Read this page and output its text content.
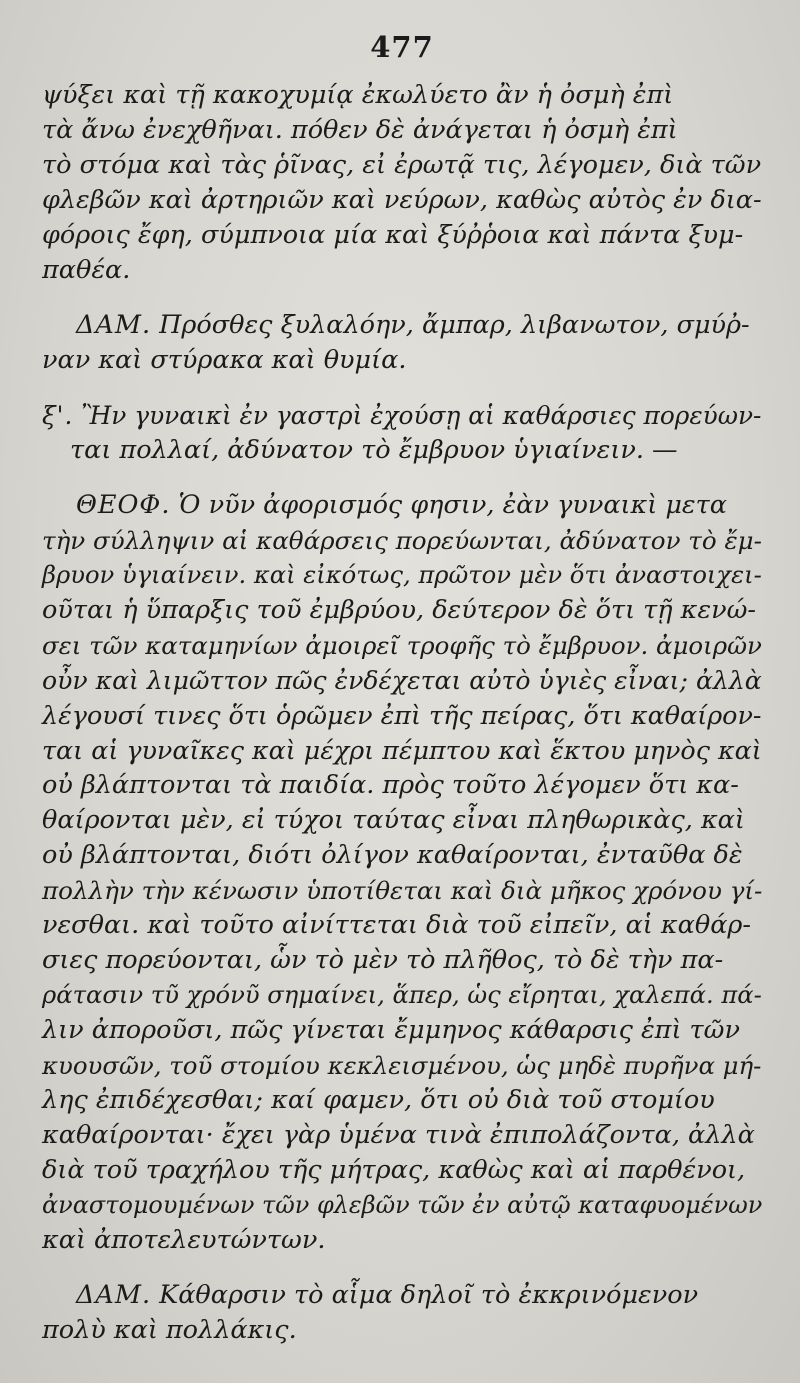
477

ψύξει καὶ τῇ κακοχυμίᾳ ἐκωλύετο ἂν ἡ ὀσμὴ ἐπὶ
τὰ ἄνω ἐνεχθῆναι. πόθεν δὲ ἀνάγεται ἡ ὀσμὴ ἐπὶ
τὸ στόμα καὶ τὰς ῥῖνας, εἰ ἐρωτᾷ τις, λέγομεν, διὰ τῶν
φλεβῶν καὶ ἀρτηριῶν καὶ νεύρων, καθὼς αὐτὸς ἐν δια-
φόροις ἔφη, σύμπνοια μία καὶ ξύῤῥοια καὶ πάντα ξυμ-
παθέα.

ΔΑΜ. Πρόσθες ξυλαλόην, ἄμπαρ, λιβανωτον, σμύῤ-
ναν καὶ στύρακα καὶ θυμία.

ξ'. Ἢν γυναικὶ ἐν γαστρὶ ἐχούσῃ αἱ καθάρσιες πορεύων-
ται πολλαί, ἀδύνατον τὸ ἔμβρυον ὑγιαίνειν. —

ΘΕΟΦ. Ὁ νῦν ἀφορισμός φησιν, ἐὰν γυναικὶ μετα
τὴν σύλληψιν αἱ καθάρσεις πορεύωνται, ἀδύνατον τὸ ἔμ-
βρυον ὑγιαίνειν. καὶ εἰκότως, πρῶτον μὲν ὅτι ἀναστοιχει-
οῦται ἡ ὕπαρξις τοῦ ἐμβρύου, δεύτερον δὲ ὅτι τῇ κενώ-
σει τῶν καταμηνίων ἀμοιρεῖ τροφῆς τὸ ἔμβρυον. ἀμοιρῶν
οὖν καὶ λιμῶττον πῶς ἐνδέχεται αὐτὸ ὑγιὲς εἶναι; ἀλλὰ
λέγουσί τινες ὅτι ὁρῶμεν ἐπὶ τῆς πείρας, ὅτι καθαίρον-
ται αἱ γυναῖκες καὶ μέχρι πέμπτου καὶ ἕκτου μηνὸς καὶ
οὐ βλάπτονται τὰ παιδία. πρὸς τοῦτο λέγομεν ὅτι κα-
θαίρονται μὲν, εἰ τύχοι ταύτας εἶναι πληθωρικὰς, καὶ
οὐ βλάπτονται, διότι ὀλίγον καθαίρονται, ἐνταῦθα δὲ
πολλὴν τὴν κένωσιν ὑποτίθεται καὶ διὰ μῆκος χρόνου γί-
νεσθαι. καὶ τοῦτο αἰνίττεται διὰ τοῦ εἰπεῖν, αἱ καθάρ-
σιες πορεύονται, ὧν τὸ μὲν τὸ πλῆθος, τὸ δὲ τὴν πα-
ράτασιν τῦ χρόνῦ σημαίνει, ἅπερ, ὡς εἴρηται, χαλεπά. πά-
λιν ἀποροῦσι, πῶς γίνεται ἔμμηνος κάθαρσις ἐπὶ τῶν
κυουσῶν, τοῦ στομίου κεκλεισμένου, ὡς μηδὲ πυρῆνα μή-
λης ἐπιδέχεσθαι; καί φαμεν, ὅτι οὐ διὰ τοῦ στομίου
καθαίρονται· ἔχει γὰρ ὑμένα τινὰ ἐπιπολάζοντα, ἀλλὰ
διὰ τοῦ τραχήλου τῆς μήτρας, καθὼς καὶ αἱ παρθένοι,
ἀναστομουμένων τῶν φλεβῶν τῶν ἐν αὐτῷ καταφυομένων
καὶ ἀποτελευτώντων.

ΔΑΜ. Κάθαρσιν τὸ αἷμα δηλοῖ τὸ ἐκκρινόμενον
πολὺ καὶ πολλάκις.
